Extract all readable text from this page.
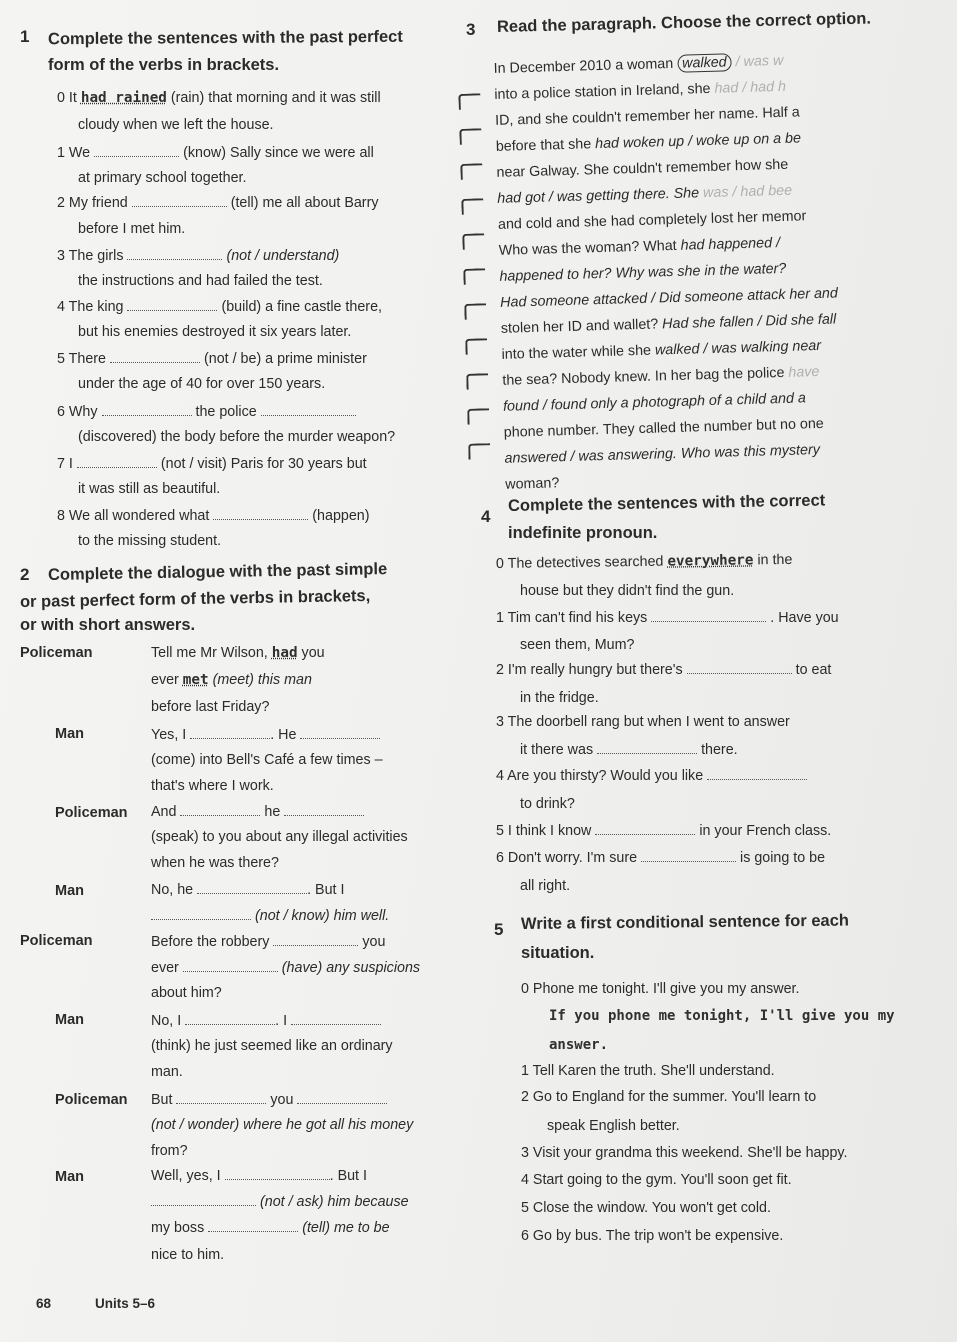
1 Complete the sentences with the past perfect
form of the verbs in brackets.
0 It had rained (rain) that morning and it was still
cloudy when we left the house.
1 We	(know) Sally since we were all
at primary school together.
2 My friend	(tell) me all about Barry
before I met him.
3 The girls	(not / understand)
the instructions and had failed the test.
4 The king	(build) a fine castle there,
but his enemies destroyed it six years later.
5 There	(not / be) a prime minister
under the age of 40 for over 150 years.
6 Why	the police
(discovered) the body before the murder weapon?
7 I	(not / visit) Paris for 30 years but
it was still as beautiful.
8 We all wondered what	(happen)
to the missing student.
2 Complete the dialogue with the past simple
or past perfect form of the verbs in brackets,
or with short answers.
Policeman	Tell me Mr Wilson, had you
ever met (meet) this man
before last Friday?
Man	Yes, I	. He
(come) into Bell's Café a few times –
that's where I work.
Policeman And	he
(speak) to you about any illegal activities
when he was there?
Man	No, he	. But I
(not / know) him well.
Policeman	Before the robbery	you
ever	(have) any suspicions
about him?
Man	No, I	. I
(think) he just seemed like an ordinary
man.
Policeman But	you
(not / wonder) where he got all his money
from?
Man	Well, yes, I	. But I
(not / ask) him because
my boss	(tell) me to be
nice to him.
68	Units 5–6
3 Read the paragraph. Choose the correct option.
In December 2010 a woman walked / was w
into a police station in Ireland, she had / had h
ID, and she couldn't remember her name. Half a
before that she had woken up / woke up on a be
near Galway. She couldn't remember how she
had got / was getting there. She was / had bee
and cold and she had completely lost her memor
Who was the woman? What had happened /
happened to her? Why was she in the water?
Had someone attacked / Did someone attack her and
stolen her ID and wallet? Had she fallen / Did she fall
into the water while she walked / was walking near
the sea? Nobody knew. In her bag the police have
found / found only a photograph of a child and a
phone number. They called the number but no one
answered / was answering. Who was this mystery
woman?
4
Complete the sentences with the correct
indefinite pronoun.
0 The detectives searched everywhere in the
house but they didn't find the gun.
1 Tim can't find his keys	. Have you
seen them, Mum?
2 I'm really hungry but there's	to eat
in the fridge.
3 The doorbell rang but when I went to answer
it there was	there.
4 Are you thirsty? Would you like
to drink?
5 I think I know	in your French class.
6 Don't worry. I'm sure	is going to be
all right.
5 Write a first conditional sentence for each
situation.
0 Phone me tonight. I'll give you my answer.
If you phone me tonight, I'll give you my
answer.
1 Tell Karen the truth. She'll understand.
2 Go to England for the summer. You'll learn to
speak English better.
3 Visit your grandma this weekend. She'll be happy.
4 Start going to the gym. You'll soon get fit.
5 Close the window. You won't get cold.
6 Go by bus. The trip won't be expensive.
